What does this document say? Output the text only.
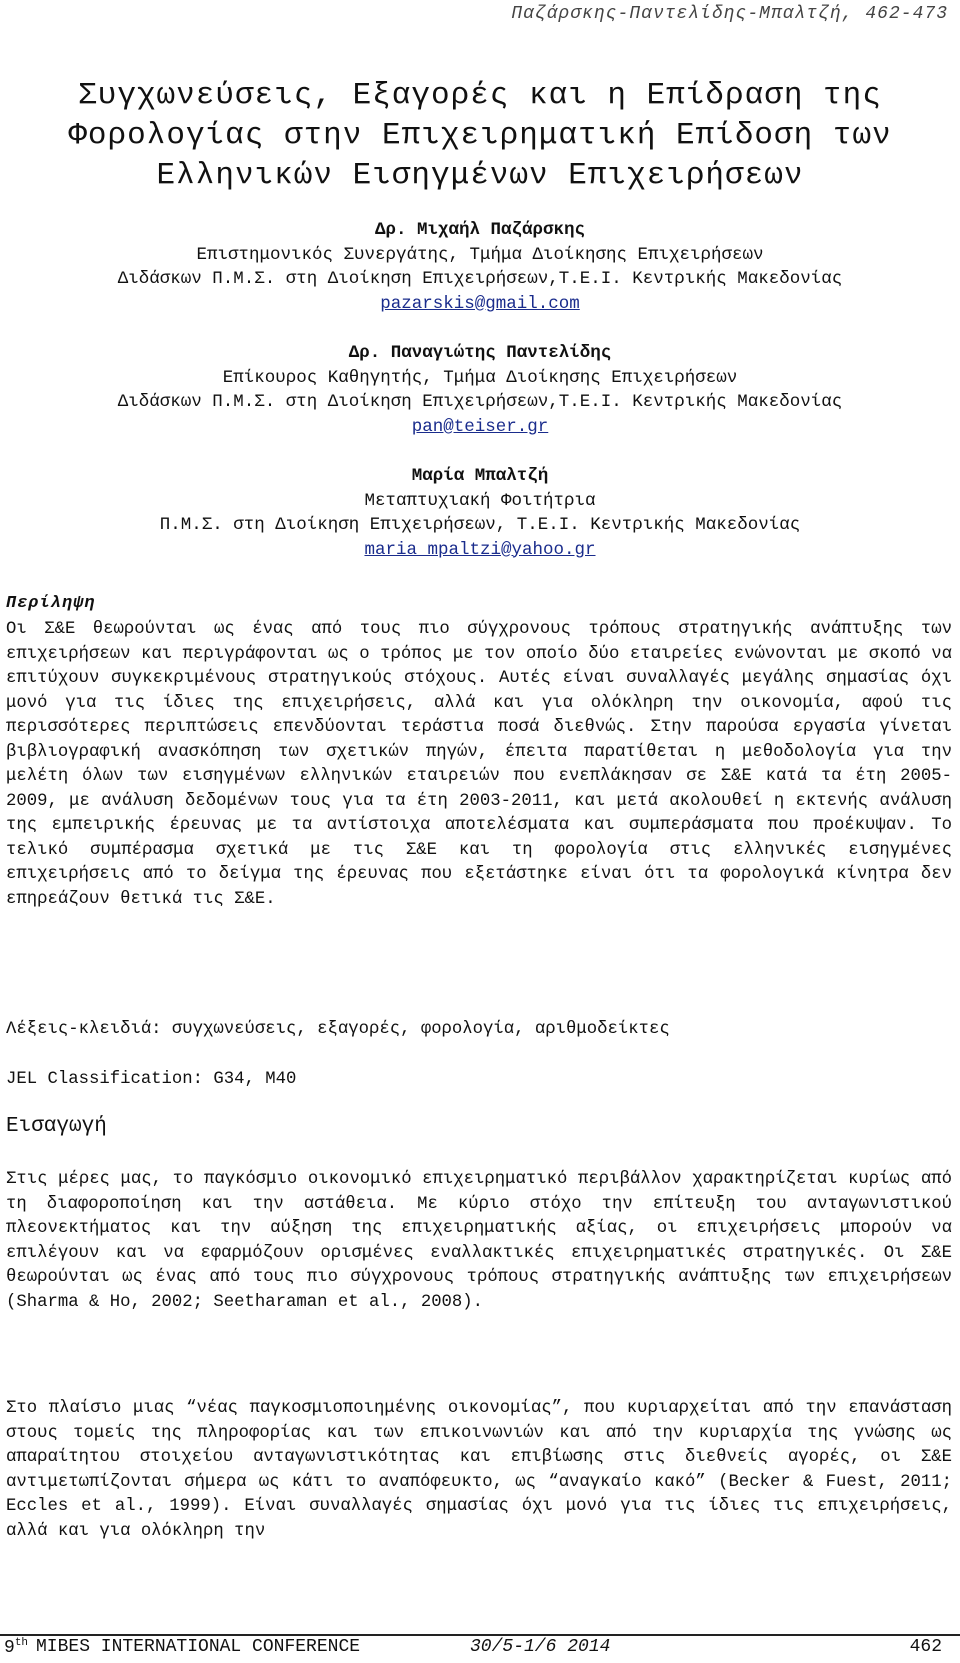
Παζάρσκης-Παντελίδης-Μπαλτζή, 462-473
Συγχωνεύσεις, Εξαγορές και η Επίδραση της
Φορολογίας στην Επιχειρηματική Επίδοση των
Ελληνικών Εισηγμένων Επιχειρήσεων
Δρ. Μιχαήλ Παζάρσκης
Επιστημονικός Συνεργάτης, Τμήμα Διοίκησης Επιχειρήσεων
Διδάσκων Π.Μ.Σ. στη Διοίκηση Επιχειρήσεων,Τ.Ε.Ι. Κεντρικής Μακεδονίας
pazarskis@gmail.com
Δρ. Παναγιώτης Παντελίδης
Επίκουρος Καθηγητής, Τμήμα Διοίκησης Επιχειρήσεων
Διδάσκων Π.Μ.Σ. στη Διοίκηση Επιχειρήσεων,Τ.Ε.Ι. Κεντρικής Μακεδονίας
pan@teiser.gr
Μαρία Μπαλτζή
Μεταπτυχιακή Φοιτήτρια
Π.Μ.Σ. στη Διοίκηση Επιχειρήσεων, Τ.Ε.Ι. Κεντρικής Μακεδονίας
maria_mpaltzi@yahoo.gr
Περίληψη

Οι Σ&Ε θεωρούνται ως ένας από τους πιο σύγχρονους τρόπους στρατηγικής ανάπτυξης των επιχειρήσεων και περιγράφονται ως ο τρόπος με τον οποίο δύο εταιρείες ενώνονται με σκοπό να επιτύχουν συγκεκριμένους στρατηγικούς στόχους. Αυτές είναι συναλλαγές μεγάλης σημασίας όχι μονό για τις ίδιες της επιχειρήσεις, αλλά και για ολόκληρη την οικονομία, αφού τις περισσότερες περιπτώσεις επενδύονται τεράστια ποσά διεθνώς. Στην παρούσα εργασία γίνεται βιβλιογραφική ανασκόπηση των σχετικών πηγών, έπειτα παρατίθεται η μεθοδολογία για την μελέτη όλων των εισηγμένων ελληνικών εταιρειών που ενεπλάκησαν σε Σ&Ε κατά τα έτη 2005-2009, με ανάλυση δεδομένων τους για τα έτη 2003-2011, και μετά ακολουθεί η εκτενής ανάλυση της εμπειρικής έρευνας με τα αντίστοιχα αποτελέσματα και συμπεράσματα που προέκυψαν. Το τελικό συμπέρασμα σχετικά με τις Σ&Ε και τη φορολογία στις ελληνικές εισηγμένες επιχειρήσεις από το δείγμα της έρευνας που εξετάστηκε είναι ότι τα φορολογικά κίνητρα δεν επηρεάζουν θετικά τις Σ&Ε.

Λέξεις-κλειδιά: συγχωνεύσεις, εξαγορές, φορολογία, αριθμοδείκτες

JEL Classification: G34, M40

Εισαγωγή

Στις μέρες μας, το παγκόσμιο οικονομικό επιχειρηματικό περιβάλλον χαρακτηρίζεται κυρίως από τη διαφοροποίηση και την αστάθεια. Με κύριο στόχο την επίτευξη του ανταγωνιστικού πλεονεκτήματος και την αύξηση της επιχειρηματικής αξίας, οι επιχειρήσεις μπορούν να επιλέγουν και να εφαρμόζουν ορισμένες εναλλακτικές επιχειρηματικές στρατηγικές. Οι Σ&Ε θεωρούνται ως ένας από τους πιο σύγχρονους τρόπους στρατηγικής ανάπτυξης των επιχειρήσεων (Sharma & Ho, 2002; Seetharaman et al., 2008).

Στο πλαίσιο μιας “νέας παγκοσμιοποιημένης οικονομίας”, που κυριαρχείται από την επανάσταση στους τομείς της πληροφορίας και των επικοινωνιών και από την κυριαρχία της γνώσης ως απαραίτητου στοιχείου ανταγωνιστικότητας και επιβίωσης στις διεθνείς αγορές, οι Σ&Ε αντιμετωπίζονται σήμερα ως κάτι το αναπόφευκτο, ως “αναγκαίο κακό” (Becker & Fuest, 2011; Eccles et al., 1999). Είναι συναλλαγές σημασίας όχι μονό για τις ίδιες τις επιχειρήσεις, αλλά και για ολόκληρη την

9th MIBES INTERNATIONAL CONFERENCE	30/5-1/6 2014	462
